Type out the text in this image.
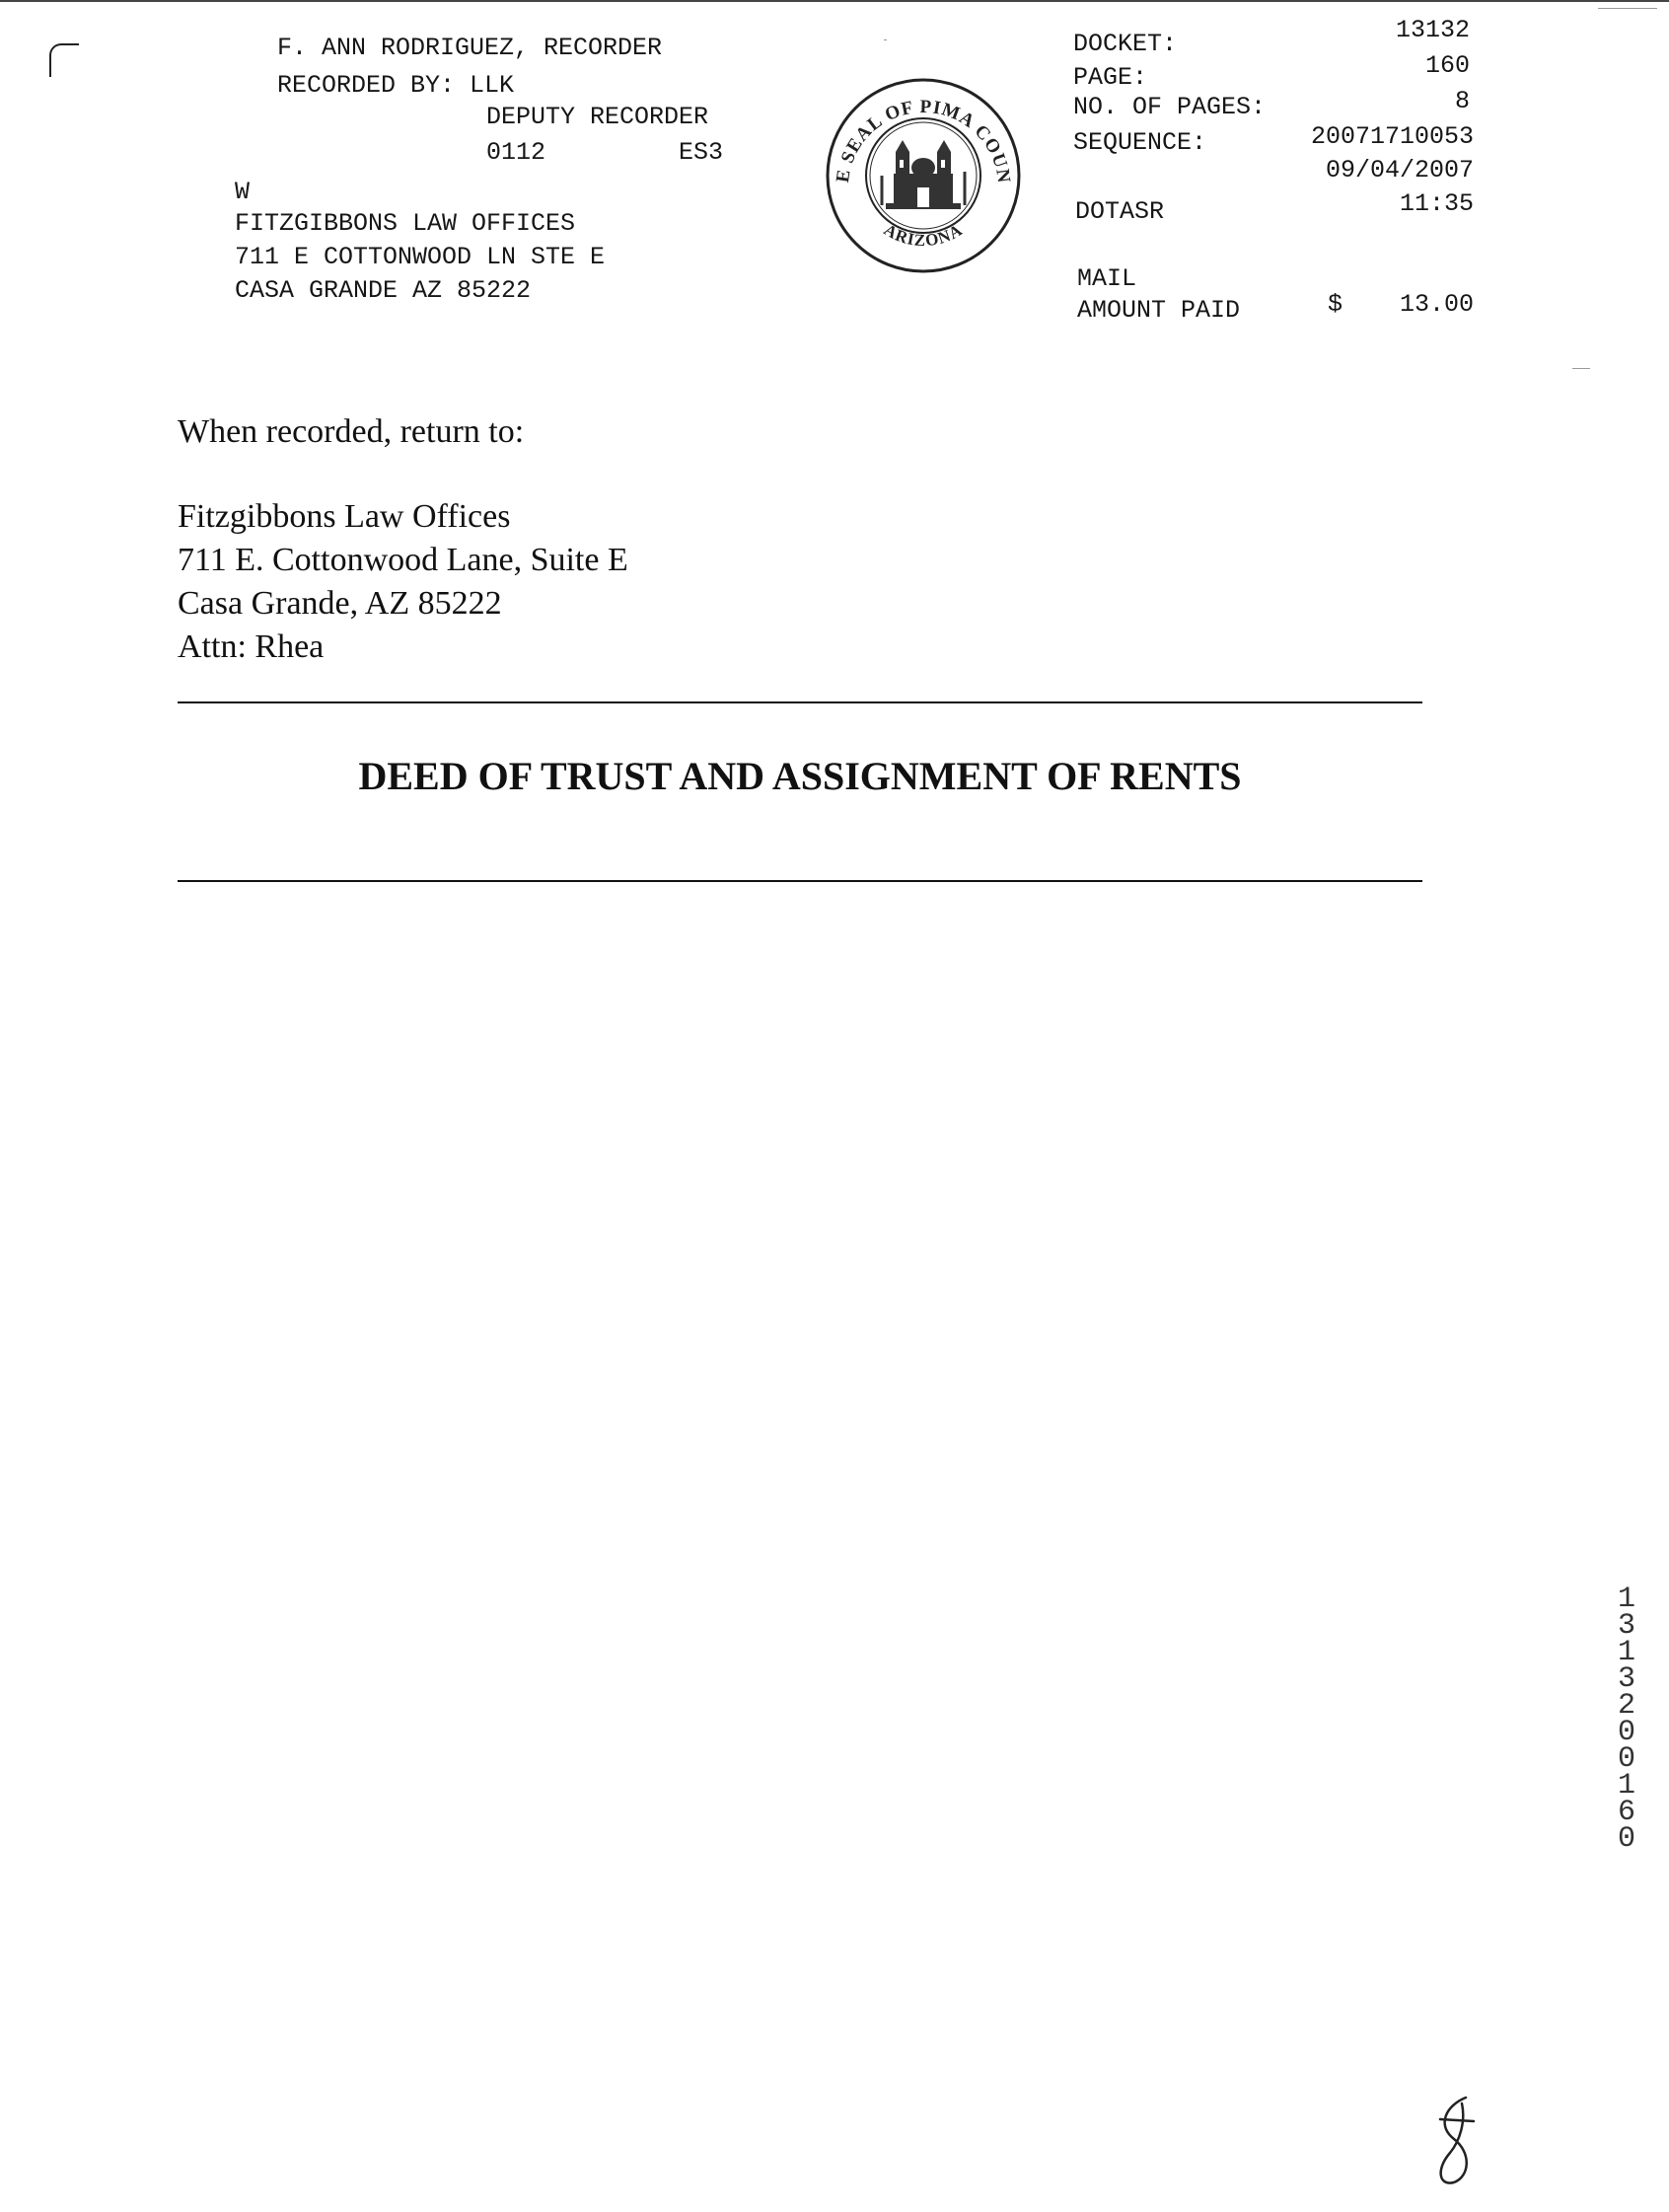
F. ANN RODRIGUEZ, RECORDER
RECORDED BY: LLK
DEPUTY RECORDER
0112	ES3
W
FITZGIBBONS LAW OFFICES
711 E COTTONWOOD LN STE E
CASA GRANDE AZ 85222
E SEAL OF PIMA COUN
ARIZONA
DOCKET:	13132
PAGE:	160
NO. OF PAGES:	8
SEQUENCE:	20071710053
09/04/2007
DOTASR	11:35
MAIL
AMOUNT PAID	$	13.00
When recorded, return to:
Fitzgibbons Law Offices
711 E. Cottonwood Lane, Suite E
Casa Grande, AZ 85222
Attn: Rhea
DEED OF TRUST AND ASSIGNMENT OF RENTS
1
3
1
3
2
0
0
1
6
0
